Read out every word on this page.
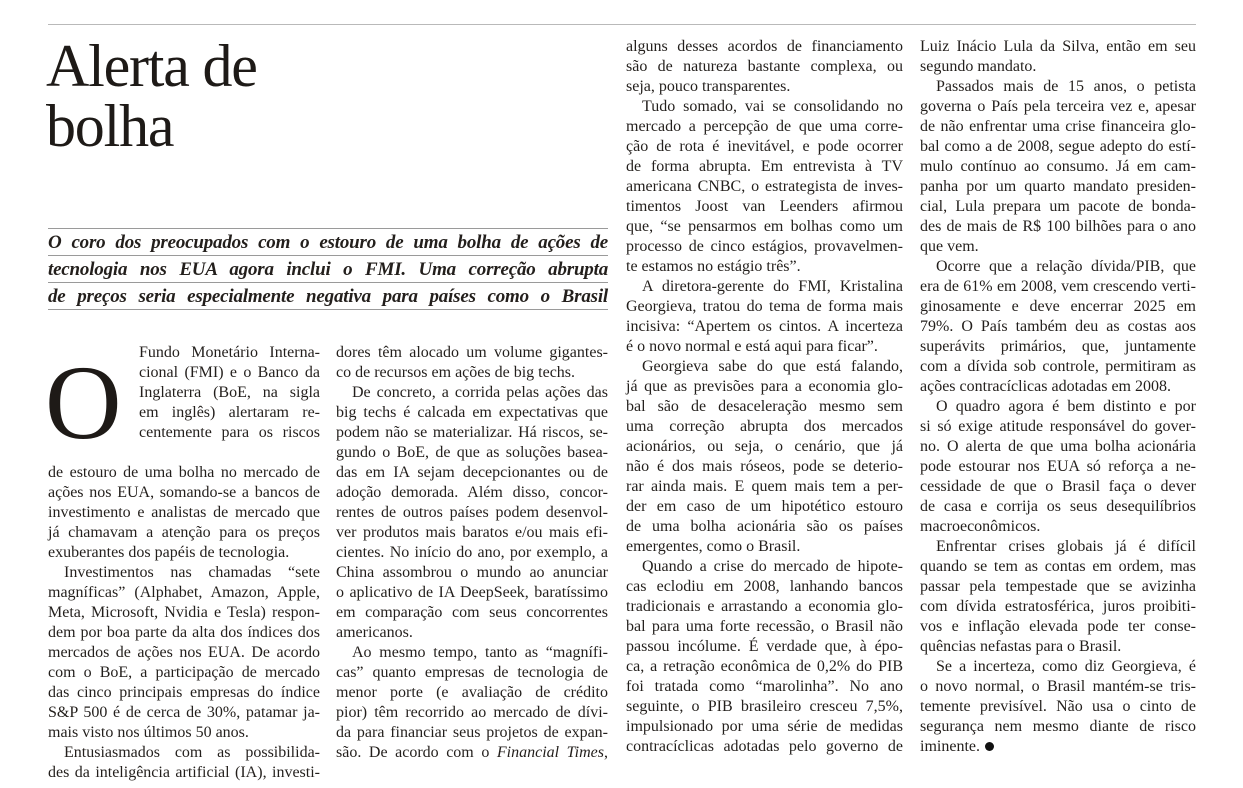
Alerta de
bolha
O coro dos preocupados com o estouro de uma bolha de ações de
tecnologia nos EUA agora inclui o FMI. Uma correção abrupta
de preços seria especialmente negativa para países como o Brasil
O	Fundo Monetário Interna-
cional (FMI) e o Banco da
Inglaterra (BoE, na sigla
em inglês) alertaram re-
centemente para os riscos
de estouro de uma bolha no mercado de
ações nos EUA, somando-se a bancos de
investimento e analistas de mercado que
já chamavam a atenção para os preços
exuberantes dos papéis de tecnologia.
Investimentos nas chamadas “sete
magníficas” (Alphabet, Amazon, Apple,
Meta, Microsoft, Nvidia e Tesla) respon-
dem por boa parte da alta dos índices dos
mercados de ações nos EUA. De acordo
com o BoE, a participação de mercado
das cinco principais empresas do índice
S&P 500 é de cerca de 30%, patamar ja-
mais visto nos últimos 50 anos.
Entusiasmados com as possibilida-
des da inteligência artificial (IA), investi-
dores têm alocado um volume gigantes-
co de recursos em ações de big techs.
De concreto, a corrida pelas ações das
big techs é calcada em expectativas que
podem não se materializar. Há riscos, se-
gundo o BoE, de que as soluções basea-
das em IA sejam decepcionantes ou de
adoção demorada. Além disso, concor-
rentes de outros países podem desenvol-
ver produtos mais baratos e/ou mais efi-
cientes. No início do ano, por exemplo, a
China assombrou o mundo ao anunciar
o aplicativo de IA DeepSeek, baratíssimo
em comparação com seus concorrentes
americanos.
Ao mesmo tempo, tanto as “magnífi-
cas” quanto empresas de tecnologia de
menor porte (e avaliação de crédito
pior) têm recorrido ao mercado de dívi-
da para financiar seus projetos de expan-
são. De acordo com o Financial Times,
alguns desses acordos de financiamento
são de natureza bastante complexa, ou
seja, pouco transparentes.
Tudo somado, vai se consolidando no
mercado a percepção de que uma corre-
ção de rota é inevitável, e pode ocorrer
de forma abrupta. Em entrevista à TV
americana CNBC, o estrategista de inves-
timentos Joost van Leenders afirmou
que, “se pensarmos em bolhas como um
processo de cinco estágios, provavelmen-
te estamos no estágio três”.
A diretora-gerente do FMI, Kristalina
Georgieva, tratou do tema de forma mais
incisiva: “Apertem os cintos. A incerteza
é o novo normal e está aqui para ficar”.
Georgieva sabe do que está falando,
já que as previsões para a economia glo-
bal são de desaceleração mesmo sem
uma correção abrupta dos mercados
acionários, ou seja, o cenário, que já
não é dos mais róseos, pode se deterio-
rar ainda mais. E quem mais tem a per-
der em caso de um hipotético estouro
de uma bolha acionária são os países
emergentes, como o Brasil.
Quando a crise do mercado de hipote-
cas eclodiu em 2008, lanhando bancos
tradicionais e arrastando a economia glo-
bal para uma forte recessão, o Brasil não
passou incólume. É verdade que, à épo-
ca, a retração econômica de 0,2% do PIB
foi tratada como “marolinha”. No ano
seguinte, o PIB brasileiro cresceu 7,5%,
impulsionado por uma série de medidas
contracíclicas adotadas pelo governo de
Luiz Inácio Lula da Silva, então em seu
segundo mandato.
Passados mais de 15 anos, o petista
governa o País pela terceira vez e, apesar
de não enfrentar uma crise financeira glo-
bal como a de 2008, segue adepto do estí-
mulo contínuo ao consumo. Já em cam-
panha por um quarto mandato presiden-
cial, Lula prepara um pacote de bonda-
des de mais de R$ 100 bilhões para o ano
que vem.
Ocorre que a relação dívida/PIB, que
era de 61% em 2008, vem crescendo verti-
ginosamente e deve encerrar 2025 em
79%. O País também deu as costas aos
superávits primários, que, juntamente
com a dívida sob controle, permitiram as
ações contracíclicas adotadas em 2008.
O quadro agora é bem distinto e por
si só exige atitude responsável do gover-
no. O alerta de que uma bolha acionária
pode estourar nos EUA só reforça a ne-
cessidade de que o Brasil faça o dever
de casa e corrija os seus desequilíbrios
macroeconômicos.
Enfrentar crises globais já é difícil
quando se tem as contas em ordem, mas
passar pela tempestade que se avizinha
com dívida estratosférica, juros proibiti-
vos e inflação elevada pode ter conse-
quências nefastas para o Brasil.
Se a incerteza, como diz Georgieva, é
o novo normal, o Brasil mantém-se tris-
temente previsível. Não usa o cinto de
segurança nem mesmo diante de risco
iminente.
